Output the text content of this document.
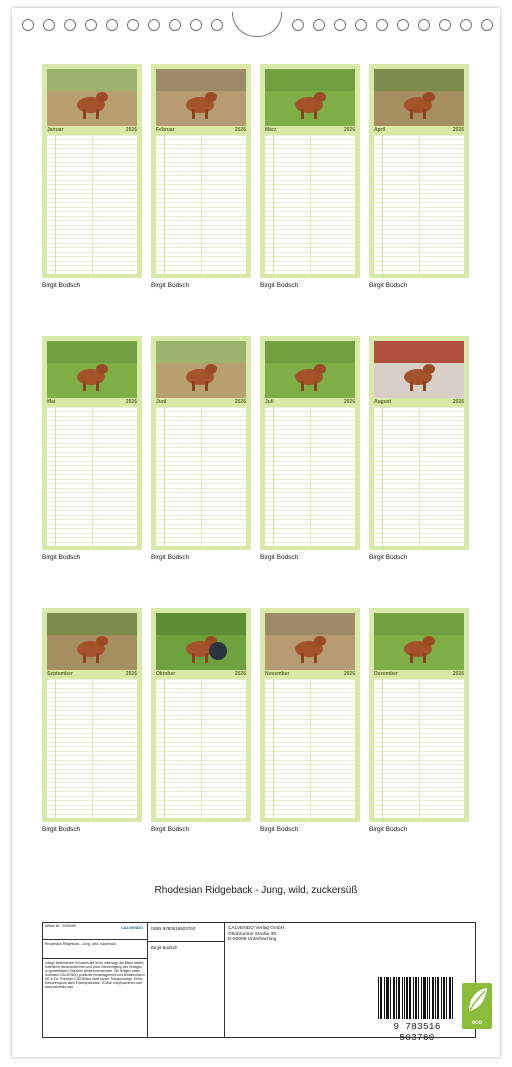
Januar	2026
Birgit Bodsch
Februar	2026
Birgit Bodsch
März	2026
Birgit Bodsch
April	2026
Birgit Bodsch
Mai	2026
Birgit Bodsch
Juni	2026
Birgit Bodsch
Juli	2026
Birgit Bodsch
August	2026
Birgit Bodsch
September	2026
Birgit Bodsch
Oktober	2026
Birgit Bodsch
November	2026
Birgit Bodsch
Dezember	2026
Birgit Bodsch
Rhodesian Ridgeback - Jung, wild, zuckersüß
Artikel Nr.: 2095465	CALVENDO
Rhodesian Ridgeback - Jung, wild, zuckersüß
Infolge bestehender Schutzrechte ist es untersagt, die Bilder dieses Kalenders herauszutrennen und ohne Genehmigung des Verlages zu gewerblichen Zwecken weiterzuverwenden. Wir fertigen unser Sortiment CALVENDO produziert bedarfsgerecht und klimaneutral in DE & EU. Premium-CO2-Bilanz dank kurzer Transportwege. Keine Retourenquote dank Einzelproduktion. E-Mail: info@calvendo.com · www.calvendo.com
ISBN 9783516503760
Birgit Bodsch
CALVENDO Verlag GmbH
Ottobrunner Straße 39
D-82008 Unterhaching
9 783516 503760
eco
